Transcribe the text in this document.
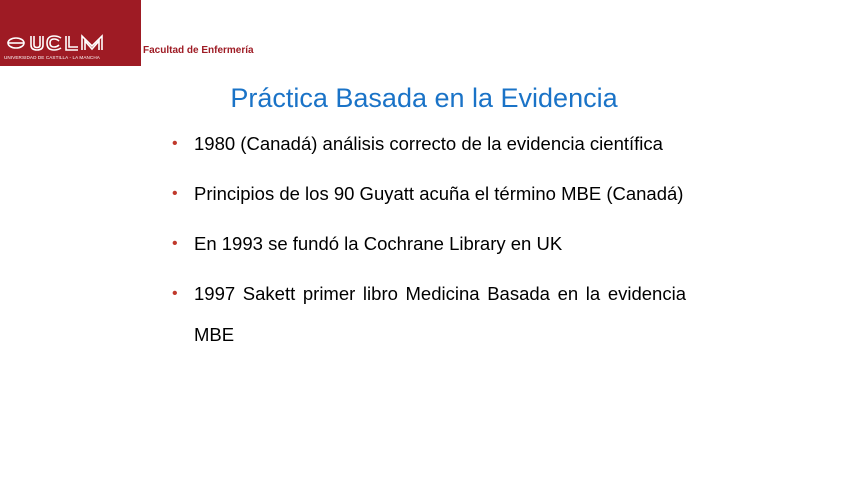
UNIVERSIDAD DE CASTILLA - LA MANCHA
Facultad de Enfermería
Práctica Basada en la Evidencia
• 1980 (Canadá) análisis correcto de la evidencia científica
• Principios de los 90 Guyatt acuña el término MBE (Canadá)
• En 1993 se fundó la Cochrane Library en UK
• 1997 Sakett primer libro Medicina Basada en la evidencia MBE
